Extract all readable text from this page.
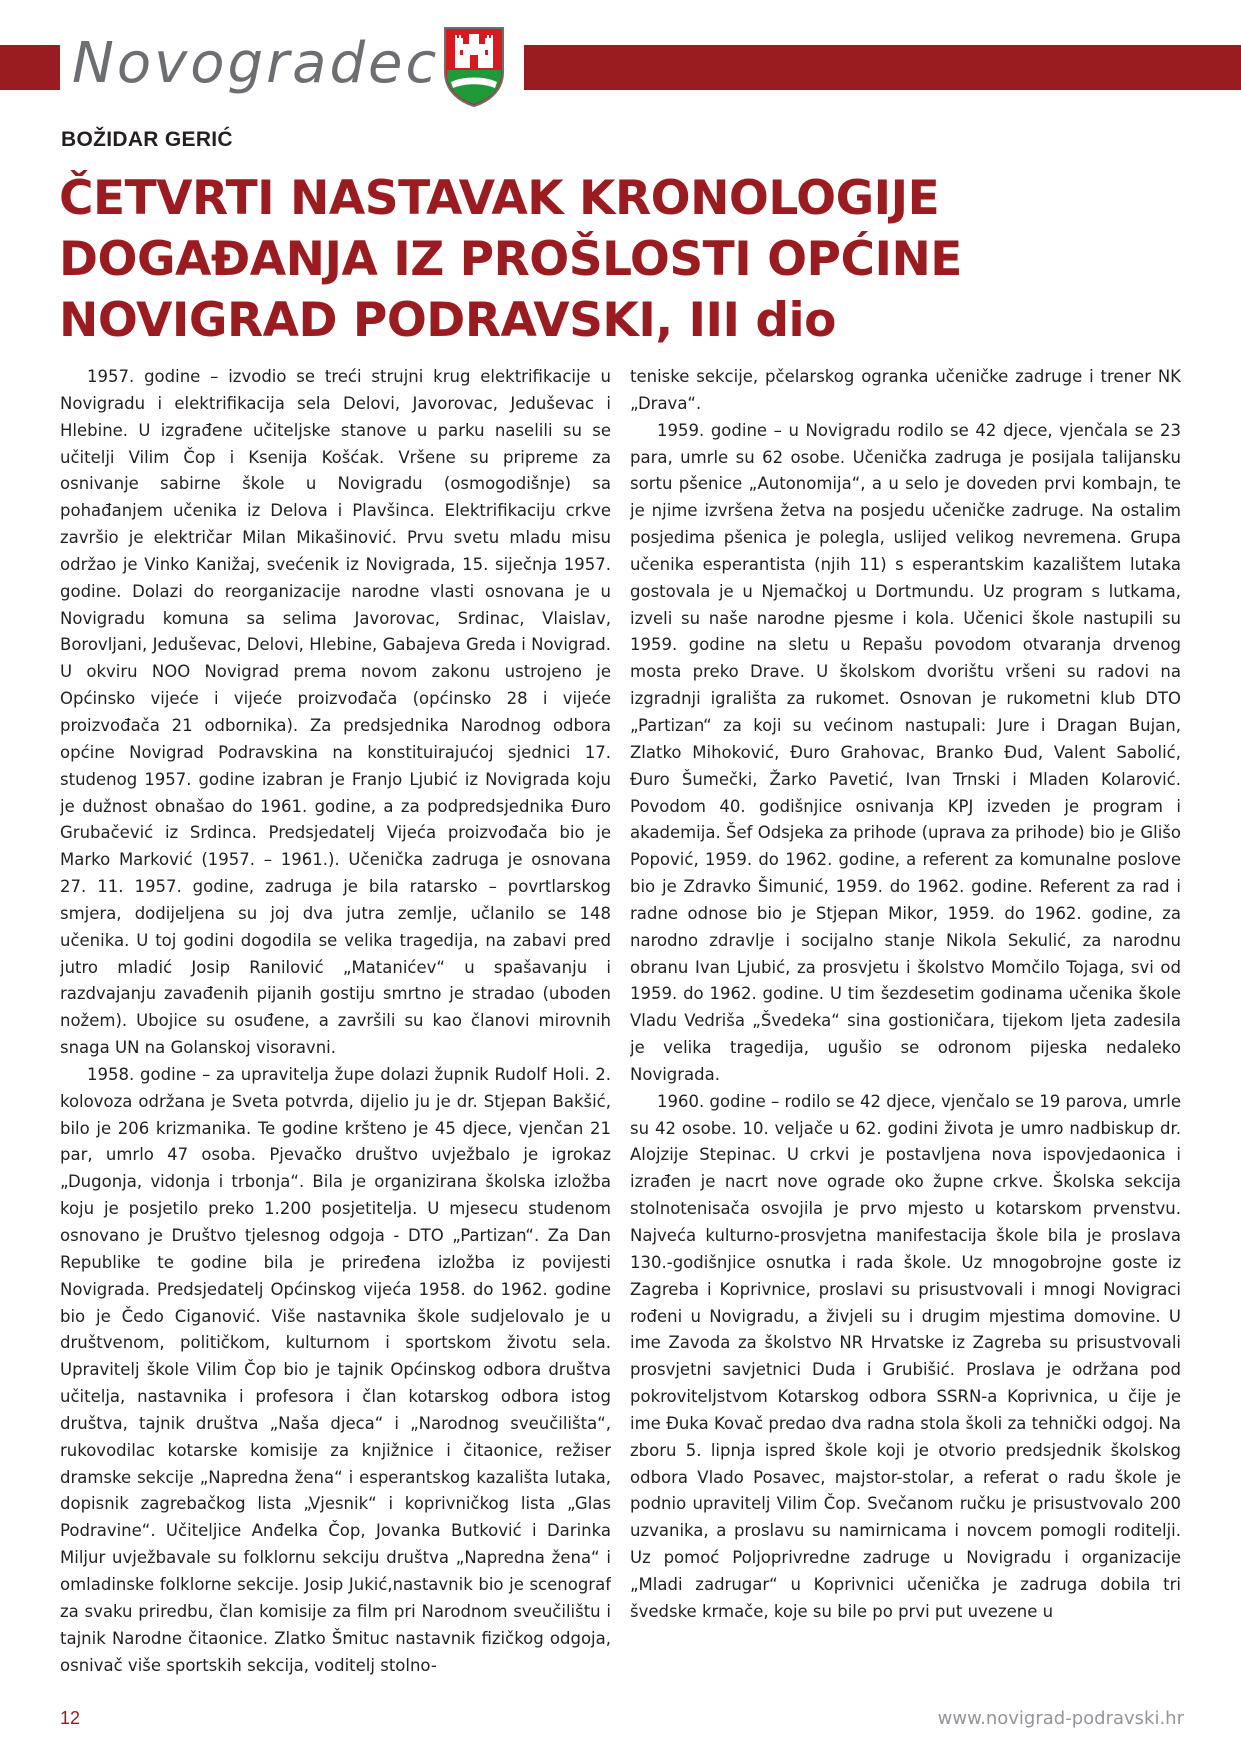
Novogradec
BOŽIDAR GERIĆ
ČETVRTI NASTAVAK KRONOLOGIJE
DOGAĐANJA IZ PROŠLOSTI OPĆINE
NOVIGRAD PODRAVSKI, III dio

1957. godine – izvodio se treći strujni krug elektrifikacije u Novigradu i elektrifikacija sela Delovi, Javorovac, Jeduševac i Hlebine. U izgrađene učiteljske stanove u parku naselili su se učitelji Vilim Čop i Ksenija Košćak. Vršene su pripreme za osnivanje sabirne škole u Novigradu (osmogodišnje) sa pohađanjem učenika iz Delova i Plavšinca. Elektrifikaciju crkve završio je električar Milan Mikašinović. Prvu svetu mladu misu održao je Vinko Kanižaj, svećenik iz Novigrada, 15. siječnja 1957. godine. Dolazi do reorganizacije narodne vlasti osnovana je u Novigradu komuna sa selima Javorovac, Srdinac, Vlaislav, Borovljani, Jeduševac, Delovi, Hlebine, Gabajeva Greda i Novigrad. U okviru NOO Novigrad prema novom zakonu ustrojeno je Općinsko vijeće i vijeće proizvođača (općinsko 28 i vijeće proizvođača 21 odbornika). Za predsjednika Narodnog odbora općine Novigrad Podravskina na konstituirajućoj sjednici 17. studenog 1957. godine izabran je Franjo Ljubić iz Novigrada koju je dužnost obnašao do 1961. godine, a za podpredsjednika Đuro Grubačević iz Srdinca. Predsjedatelj Vijeća proizvođača bio je Marko Marković (1957. – 1961.). Učenička zadruga je osnovana 27. 11. 1957. godine, zadruga je bila ratarsko – povrtlarskog smjera, dodijeljena su joj dva jutra zemlje, učlanilo se 148 učenika. U toj godini dogodila se velika tragedija, na zabavi pred jutro mladić Josip Ranilović „Matanićev“ u spašavanju i razdvajanju zavađenih pijanih gostiju smrtno je stradao (uboden nožem). Ubojice su osuđene, a završili su kao članovi mirovnih snaga UN na Golanskoj visoravni.

1958. godine – za upravitelja župe dolazi župnik Rudolf Holi. 2. kolovoza održana je Sveta potvrda, dijelio ju je dr. Stjepan Bakšić, bilo je 206 krizmanika. Te godine kršteno je 45 djece, vjenčan 21 par, umrlo 47 osoba. Pjevačko društvo uvježbalo je igrokaz „Dugonja, vidonja i trbonja“. Bila je organizirana školska izložba koju je posjetilo preko 1.200 posjetitelja. U mjesecu studenom osnovano je Društvo tjelesnog odgoja - DTO „Partizan“. Za Dan Republike te godine bila je priređena izložba iz povijesti Novigrada. Predsjedatelj Općinskog vijeća 1958. do 1962. godine bio je Čedo Ciganović. Više nastavnika škole sudjelovalo je u društvenom, političkom, kulturnom i sportskom životu sela. Upravitelj škole Vilim Čop bio je tajnik Općinskog odbora društva učitelja, nastavnika i profesora i član kotarskog odbora istog društva, tajnik društva „Naša djeca“ i „Narodnog sveučilišta“, rukovodilac kotarske komisije za knjižnice i čitaonice, režiser dramske sekcije „Napredna žena“ i esperantskog kazališta lutaka, dopisnik zagrebačkog lista „Vjesnik“ i koprivničkog lista „Glas Podravine“. Učiteljice Anđelka Čop, Jovanka Butković i Darinka Miljur uvježbavale su folklornu sekciju društva „Napredna žena“ i omladinske folklorne sekcije. Josip Jukić,nastavnik bio je scenograf za svaku priredbu, član komisije za film pri Narodnom sveučilištu i tajnik Narodne čitaonice. Zlatko Šmituc nastavnik fizičkog odgoja, osnivač više sportskih sekcija, voditelj stolno-

teniske sekcije, pčelarskog ogranka učeničke zadruge i trener NK „Drava“.

1959. godine – u Novigradu rodilo se 42 djece, vjenčala se 23 para, umrle su 62 osobe. Učenička zadruga je posijala talijansku sortu pšenice „Autonomija“, a u selo je doveden prvi kombajn, te je njime izvršena žetva na posjedu učeničke zadruge. Na ostalim posjedima pšenica je polegla, uslijed velikog nevremena. Grupa učenika esperantista (njih 11) s esperantskim kazalištem lutaka gostovala je u Njemačkoj u Dortmundu. Uz program s lutkama, izveli su naše narodne pjesme i kola. Učenici škole nastupili su 1959. godine na sletu u Repašu povodom otvaranja drvenog mosta preko Drave. U školskom dvorištu vršeni su radovi na izgradnji igrališta za rukomet. Osnovan je rukometni klub DTO „Partizan“ za koji su većinom nastupali: Jure i Dragan Bujan, Zlatko Mihoković, Đuro Grahovac, Branko Đud, Valent Sabolić, Đuro Šumečki, Žarko Pavetić, Ivan Trnski i Mladen Kolarović. Povodom 40. godišnjice osnivanja KPJ izveden je program i akademija. Šef Odsjeka za prihode (uprava za prihode) bio je Glišo Popović, 1959. do 1962. godine, a referent za komunalne poslove bio je Zdravko Šimunić, 1959. do 1962. godine. Referent za rad i radne odnose bio je Stjepan Mikor, 1959. do 1962. godine, za narodno zdravlje i socijalno stanje Nikola Sekulić, za narodnu obranu Ivan Ljubić, za prosvjetu i školstvo Momčilo Tojaga, svi od 1959. do 1962. godine. U tim šezdesetim godinama učenika škole Vladu Vedriša „Švedeka“ sina gostioničara, tijekom ljeta zadesila je velika tragedija, ugušio se odronom pijeska nedaleko Novigrada.

1960. godine – rodilo se 42 djece, vjenčalo se 19 parova, umrle su 42 osobe. 10. veljače u 62. godini života je umro nadbiskup dr. Alojzije Stepinac. U crkvi je postavljena nova ispovjedaonica i izrađen je nacrt nove ograde oko župne crkve. Školska sekcija stolnotenisača osvojila je prvo mjesto u kotarskom prvenstvu. Najveća kulturno-prosvjetna manifestacija škole bila je proslava 130.-godišnjice osnutka i rada škole. Uz mnogobrojne goste iz Zagreba i Koprivnice, proslavi su prisustvovali i mnogi Novigraci rođeni u Novigradu, a živjeli su i drugim mjestima domovine. U ime Zavoda za školstvo NR Hrvatske iz Zagreba su prisustvovali prosvjetni savjetnici Duda i Grubišić. Proslava je održana pod pokroviteljstvom Kotarskog odbora SSRN-a Koprivnica, u čije je ime Đuka Kovač predao dva radna stola školi za tehnički odgoj. Na zboru 5. lipnja ispred škole koji je otvorio predsjednik školskog odbora Vlado Posavec, majstor-stolar, a referat o radu škole je podnio upravitelj Vilim Čop. Svečanom ručku je prisustvovalo 200 uzvanika, a proslavu su namirnicama i novcem pomogli roditelji. Uz pomoć Poljoprivredne zadruge u Novigradu i organizacije „Mladi zadrugar“ u Koprivnici učenička je zadruga dobila tri švedske krmače, koje su bile po prvi put uvezene u

12	www.novigrad-podravski.hr
